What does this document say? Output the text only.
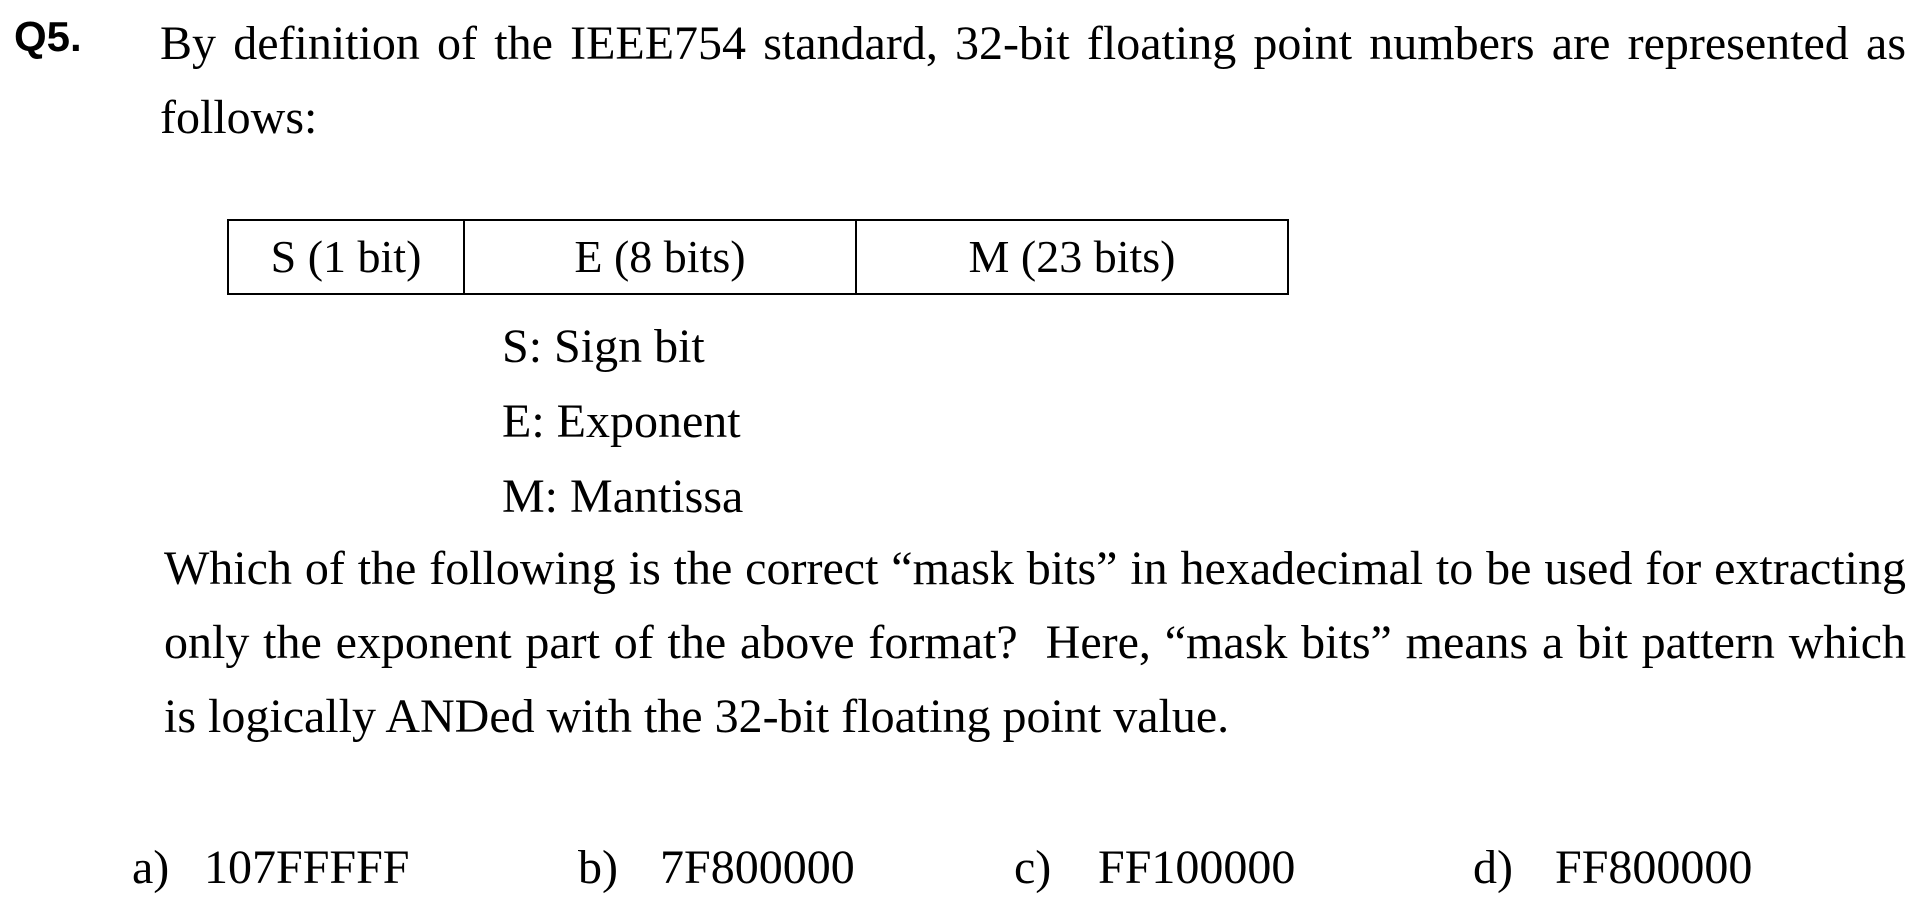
Q5. By definition of the IEEE754 standard, 32-bit floating point numbers are represented as follows:
S (1 bit)	E (8 bits)	M (23 bits)
S: Sign bit
E: Exponent
M: Mantissa
Which of the following is the correct “mask bits” in hexadecimal to be used for extracting only the exponent part of the above format? Here, “mask bits” means a bit pattern which is logically ANDed with the 32-bit floating point value.
a) 107FFFFF	b) 7F800000	c) FF100000	d) FF800000
